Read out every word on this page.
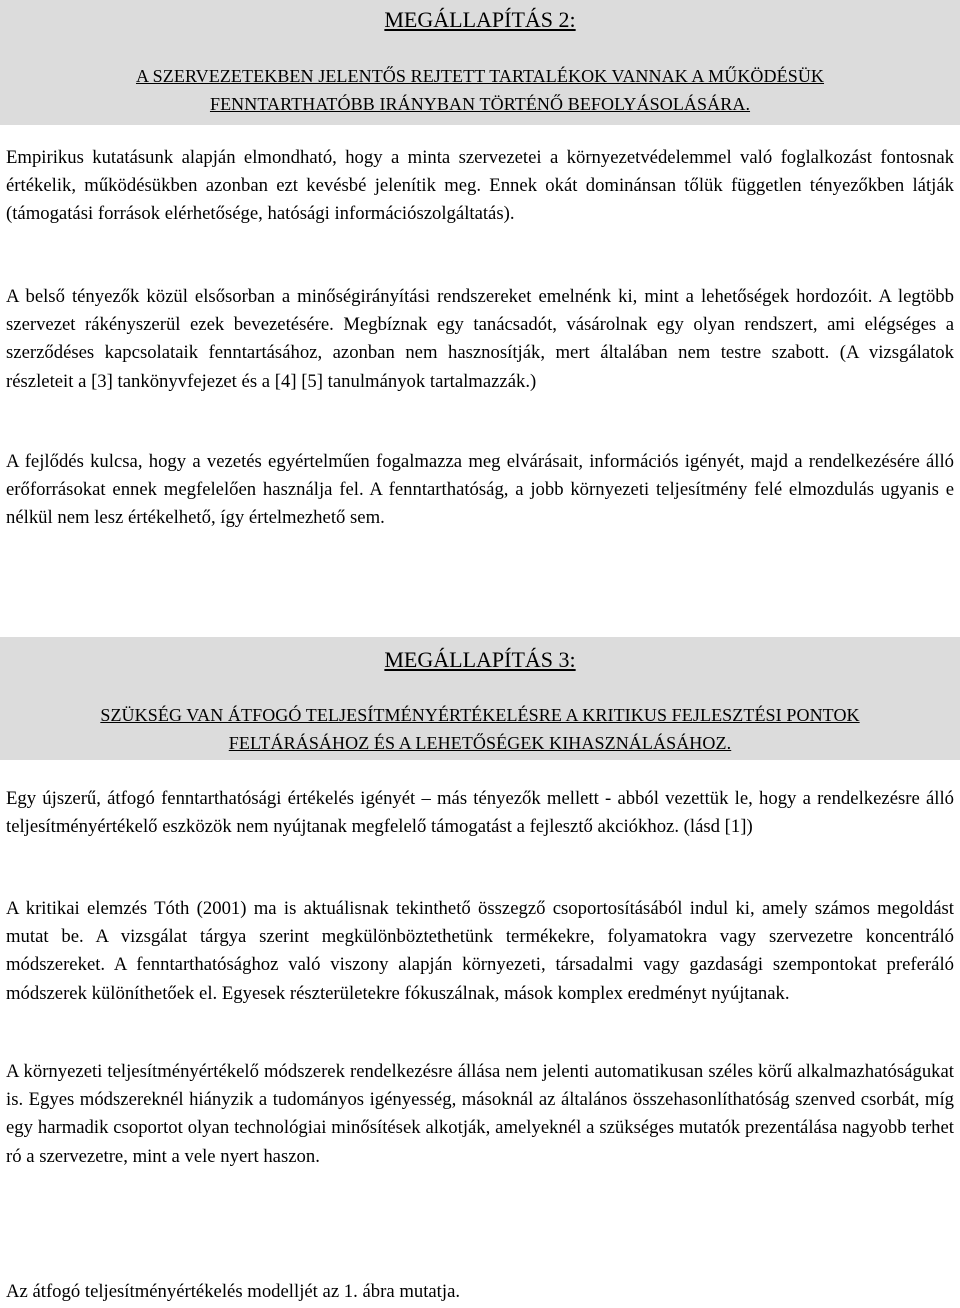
MEGÁLLAPÍTÁS 2:
A SZERVEZETEKBEN JELENTŐS REJTETT TARTALÉKOK VANNAK A MŰKÖDÉSÜK
FENNTARTHATÓBB IRÁNYBAN TÖRTÉNŐ BEFOLYÁSOLÁSÁRA.

Empirikus kutatásunk alapján elmondható, hogy a minta szervezetei a környezetvédelemmel való foglalkozást fontosnak értékelik, működésükben azonban ezt kevésbé jelenítik meg. Ennek okát dominánsan tőlük független tényezőkben látják (támogatási források elérhetősége, hatósági információszolgáltatás).

A belső tényezők közül elsősorban a minőségirányítási rendszereket emelnénk ki, mint a lehetőségek hordozóit. A legtöbb szervezet rákényszerül ezek bevezetésére. Megbíznak egy tanácsadót, vásárolnak egy olyan rendszert, ami elégséges a szerződéses kapcsolataik fenntartásához, azonban nem hasznosítják, mert általában nem testre szabott. (A vizsgálatok részleteit a [3] tankönyvfejezet és a [4] [5] tanulmányok tartalmazzák.)

A fejlődés kulcsa, hogy a vezetés egyértelműen fogalmazza meg elvárásait, információs igényét, majd a rendelkezésére álló erőforrásokat ennek megfelelően használja fel. A fenntarthatóság, a jobb környezeti teljesítmény felé elmozdulás ugyanis e nélkül nem lesz értékelhető, így értelmezhető sem.

MEGÁLLAPÍTÁS 3:
SZÜKSÉG VAN ÁTFOGÓ TELJESÍTMÉNYÉRTÉKELÉSRE A KRITIKUS FEJLESZTÉSI PONTOK
FELTÁRÁSÁHOZ ÉS A LEHETŐSÉGEK KIHASZNÁLÁSÁHOZ.

Egy újszerű, átfogó fenntarthatósági értékelés igényét – más tényezők mellett - abból vezettük le, hogy a rendelkezésre álló teljesítményértékelő eszközök nem nyújtanak megfelelő támogatást a fejlesztő akciókhoz. (lásd [1])

A kritikai elemzés Tóth (2001) ma is aktuálisnak tekinthető összegző csoportosításából indul ki, amely számos megoldást mutat be. A vizsgálat tárgya szerint megkülönböztethetünk termékekre, folyamatokra vagy szervezetre koncentráló módszereket. A fenntarthatósághoz való viszony alapján környezeti, társadalmi vagy gazdasági szempontokat preferáló módszerek különíthetőek el. Egyesek részterületekre fókuszálnak, mások komplex eredményt nyújtanak.

A környezeti teljesítményértékelő módszerek rendelkezésre állása nem jelenti automatikusan széles körű alkalmazhatóságukat is. Egyes módszereknél hiányzik a tudományos igényesség, másoknál az általános összehasonlíthatóság szenved csorbát, míg egy harmadik csoportot olyan technológiai minősítések alkotják, amelyeknél a szükséges mutatók prezentálása nagyobb terhet ró a szervezetre, mint a vele nyert haszon.

Az átfogó teljesítményértékelés modelljét az 1. ábra mutatja.
